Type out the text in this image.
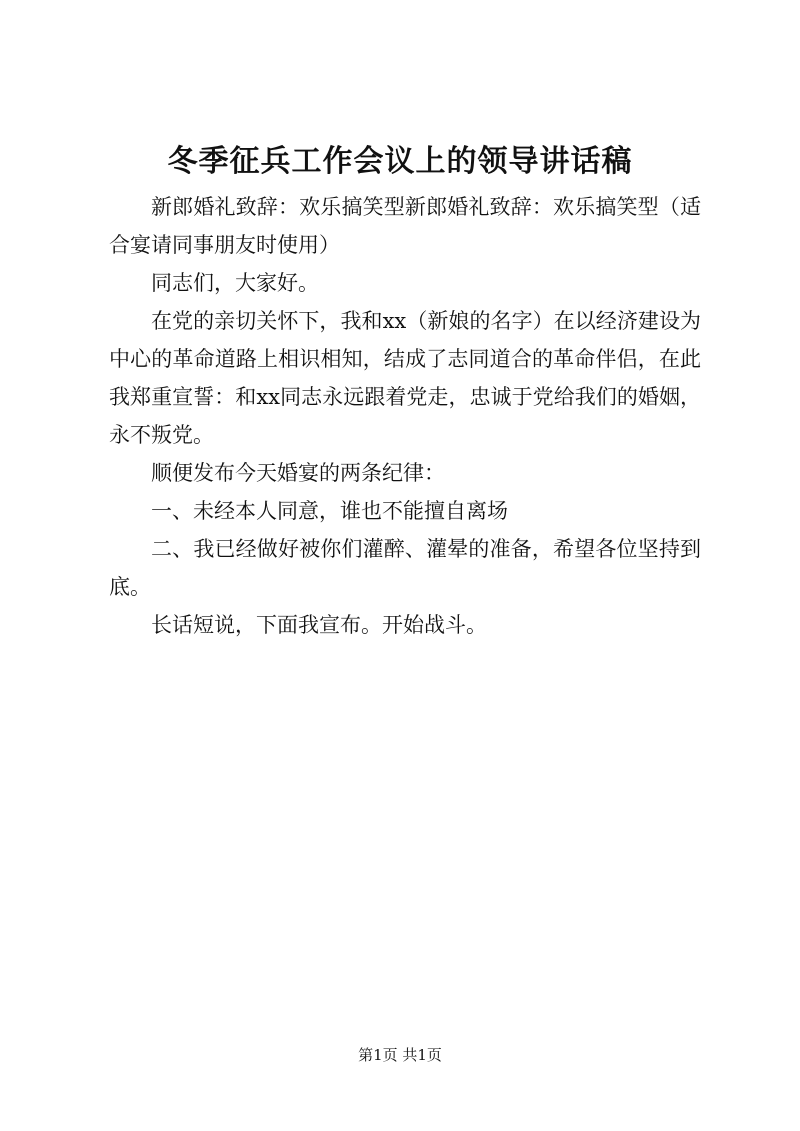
冬季征兵工作会议上的领导讲话稿

新郎婚礼致辞：欢乐搞笑型新郎婚礼致辞：欢乐搞笑型（适合宴请同事朋友时使用）

同志们，大家好。

在党的亲切关怀下，我和xx（新娘的名字）在以经济建设为中心的革命道路上相识相知，结成了志同道合的革命伴侣，在此我郑重宣誓：和xx同志永远跟着党走，忠诚于党给我们的婚姻，永不叛党。

顺便发布今天婚宴的两条纪律：

一、未经本人同意，谁也不能擅自离场

二、我已经做好被你们灌醉、灌晕的准备，希望各位坚持到底。

长话短说，下面我宣布。开始战斗。

第1页 共1页
